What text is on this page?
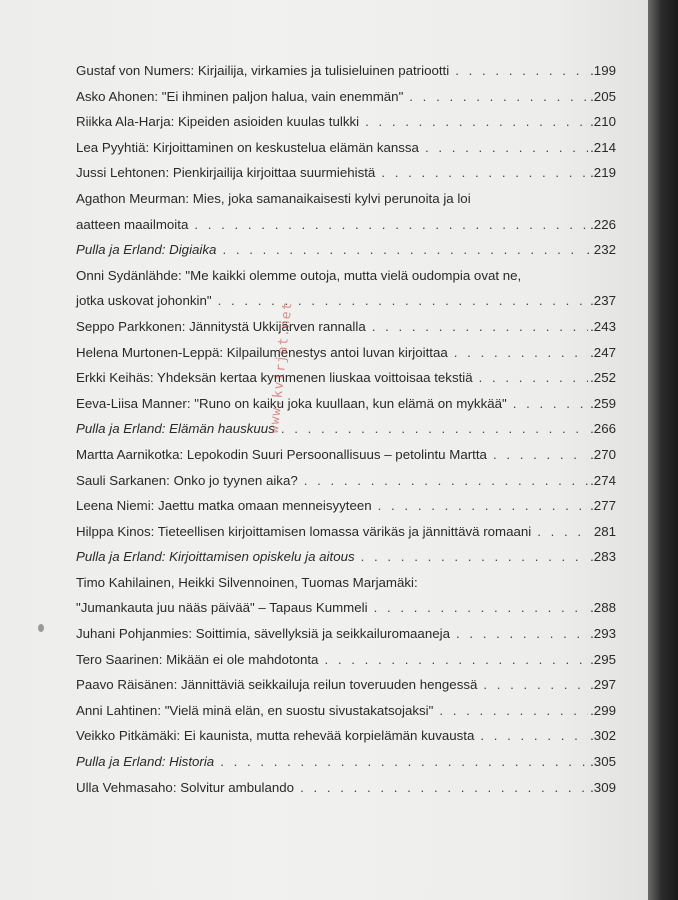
Gustaf von Numers: Kirjailija, virkamies ja tulisieluinen patriootti . . .	.199
Asko Ahonen: "Ei ihminen paljon halua, vain enemmän" . . .	.205
Riikka Ala-Harja: Kipeiden asioiden kuulas tulkki . . .	.210
Lea Pyyhtiä: Kirjoittaminen on keskustelua elämän kanssa . . .	.214
Jussi Lehtonen: Pienkirjailija kirjoittaa suurmiehistä . . .	.219
Agathon Meurman: Mies, joka samanaikaisesti kylvi perunoita ja loi
aatteen maailmoita . . .	.226
Pulla ja Erland: Digiaika . . .	. 232
Onni Sydänlähde: "Me kaikki olemme outoja, mutta vielä oudompia ovat ne,
jotka uskovat johonkin" . . .	.237
Seppo Parkkonen: Jännitystä Ukkijärven rannalla . . .	.243
Helena Murtonen-Leppä: Kilpailumenestys antoi luvan kirjoittaa . . .	.247
Erkki Keihäs: Yhdeksän kertaa kymmenen liuskaa voittoisaa tekstiä . . .	.252
Eeva-Liisa Manner: "Runo on kaiku joka kuullaan, kun elämä on mykkää" . . .	.259
Pulla ja Erland: Elämän hauskuus . . .	.266
Martta Aarnikotka: Lepokodin Suuri Persoonallisuus – petolintu Martta . . .	.270
Sauli Sarkanen: Onko jo tyynen aika? . . .	.274
Leena Niemi: Jaettu matka omaan menneisyyteen . . .	.277
Hilppa Kinos: Tieteellisen kirjoittamisen lomassa värikäs ja jännittävä romaani . . .	281
Pulla ja Erland: Kirjoittamisen opiskelu ja aitous . . .	.283
Timo Kahilainen, Heikki Silvennoinen, Tuomas Marjamäki:
"Jumankauta juu nääs päivää" – Tapaus Kummeli . . .	.288
Juhani Pohjanmies: Soittimia, sävellyksiä ja seikkailuromaaneja . . .	.293
Tero Saarinen: Mikään ei ole mahdotonta . . .	.295
Paavo Räisänen: Jännittäviä seikkailuja reilun toveruuden hengessä . . .	.297
Anni Lahtinen: "Vielä minä elän, en suostu sivustakatsojaksi" . . .	.299
Veikko Pitkämäki: Ei kaunista, mutta rehevää korpielämän kuvausta . . .	.302
Pulla ja Erland: Historia . . .	.305
Ulla Vehmasaho: Solvitur ambulando . . .	.309
www.kvirjat.net
